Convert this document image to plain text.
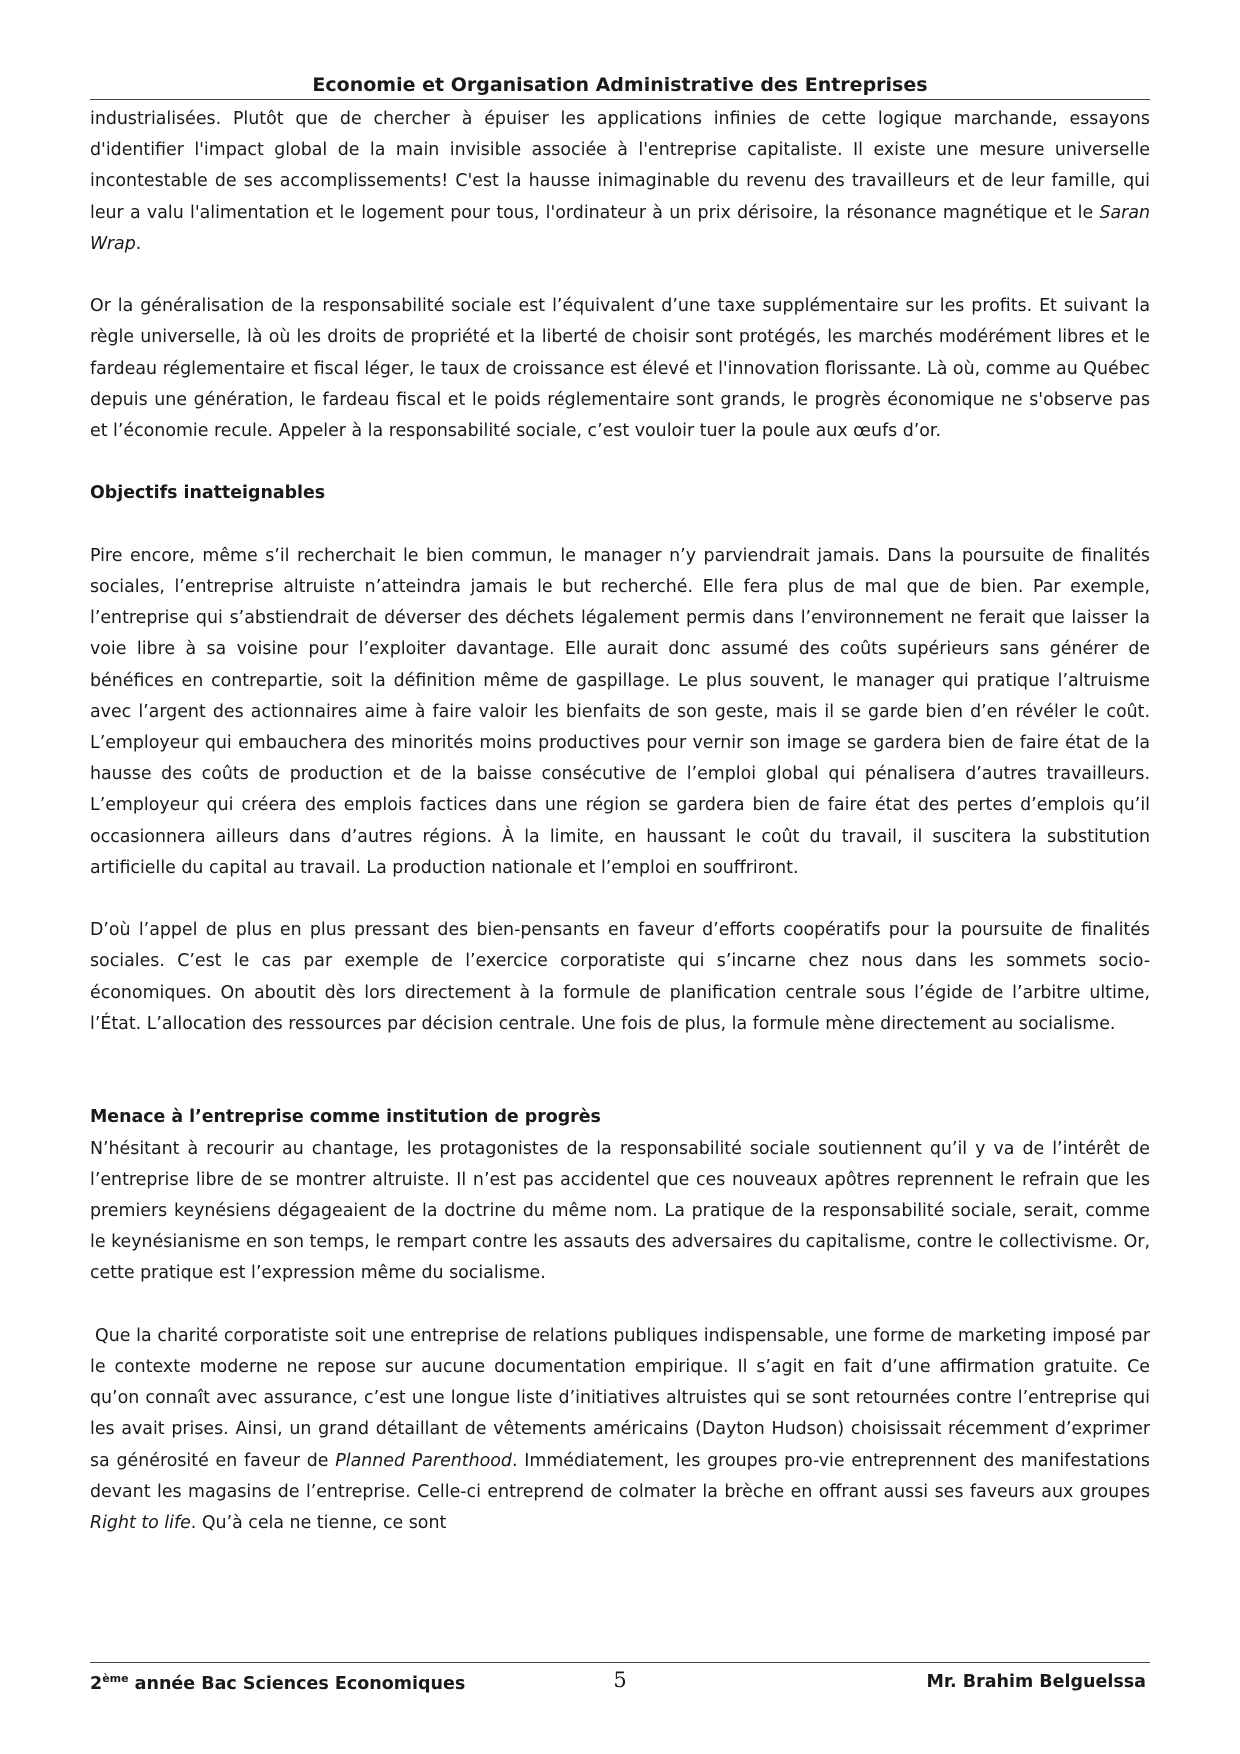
Economie et Organisation Administrative des Entreprises

industrialisées. Plutôt que de chercher à épuiser les applications infinies de cette logique marchande, essayons d'identifier l'impact global de la main invisible associée à l'entreprise capitaliste. Il existe une mesure universelle incontestable de ses accomplissements! C'est la hausse inimaginable du revenu des travailleurs et de leur famille, qui leur a valu l'alimentation et le logement pour tous, l'ordinateur à un prix dérisoire, la résonance magnétique et le Saran Wrap.

Or la généralisation de la responsabilité sociale est l’équivalent d’une taxe supplémentaire sur les profits. Et suivant la règle universelle, là où les droits de propriété et la liberté de choisir sont protégés, les marchés modérément libres et le fardeau réglementaire et fiscal léger, le taux de croissance est élevé et l'innovation florissante. Là où, comme au Québec depuis une génération, le fardeau fiscal et le poids réglementaire sont grands, le progrès économique ne s'observe pas et l’économie recule. Appeler à la responsabilité sociale, c’est vouloir tuer la poule aux œufs d’or.

Objectifs inatteignables

Pire encore, même s’il recherchait le bien commun, le manager n’y parviendrait jamais. Dans la poursuite de finalités sociales, l’entreprise altruiste n’atteindra jamais le but recherché. Elle fera plus de mal que de bien. Par exemple, l’entreprise qui s’abstiendrait de déverser des déchets légalement permis dans l’environnement ne ferait que laisser la voie libre à sa voisine pour l’exploiter davantage. Elle aurait donc assumé des coûts supérieurs sans générer de bénéfices en contrepartie, soit la définition même de gaspillage. Le plus souvent, le manager qui pratique l’altruisme avec l’argent des actionnaires aime à faire valoir les bienfaits de son geste, mais il se garde bien d’en révéler le coût. L’employeur qui embauchera des minorités moins productives pour vernir son image se gardera bien de faire état de la hausse des coûts de production et de la baisse consécutive de l’emploi global qui pénalisera d’autres travailleurs. L’employeur qui créera des emplois factices dans une région se gardera bien de faire état des pertes d’emplois qu’il occasionnera ailleurs dans d’autres régions. À la limite, en haussant le coût du travail, il suscitera la substitution artificielle du capital au travail. La production nationale et l’emploi en souffriront.

D’où l’appel de plus en plus pressant des bien-pensants en faveur d’efforts coopératifs pour la poursuite de finalités sociales. C’est le cas par exemple de l’exercice corporatiste qui s’incarne chez nous dans les sommets socio-économiques. On aboutit dès lors directement à la formule de planification centrale sous l’égide de l’arbitre ultime, l’État. L’allocation des ressources par décision centrale. Une fois de plus, la formule mène directement au socialisme.

Menace à l’entreprise comme institution de progrès

N’hésitant à recourir au chantage, les protagonistes de la responsabilité sociale soutiennent qu’il y va de l’intérêt de l’entreprise libre de se montrer altruiste. Il n’est pas accidentel que ces nouveaux apôtres reprennent le refrain que les premiers keynésiens dégageaient de la doctrine du même nom. La pratique de la responsabilité sociale, serait, comme le keynésianisme en son temps, le rempart contre les assauts des adversaires du capitalisme, contre le collectivisme. Or, cette pratique est l’expression même du socialisme.

Que la charité corporatiste soit une entreprise de relations publiques indispensable, une forme de marketing imposé par le contexte moderne ne repose sur aucune documentation empirique. Il s’agit en fait d’une affirmation gratuite. Ce qu’on connaît avec assurance, c’est une longue liste d’initiatives altruistes qui se sont retournées contre l’entreprise qui les avait prises. Ainsi, un grand détaillant de vêtements américains (Dayton Hudson) choisissait récemment d’exprimer sa générosité en faveur de Planned Parenthood. Immédiatement, les groupes pro-vie entreprennent des manifestations devant les magasins de l’entreprise. Celle-ci entreprend de colmater la brèche en offrant aussi ses faveurs aux groupes Right to life. Qu’à cela ne tienne, ce sont

2ème année Bac Sciences Economiques	5	Mr. Brahim Belguelssa
